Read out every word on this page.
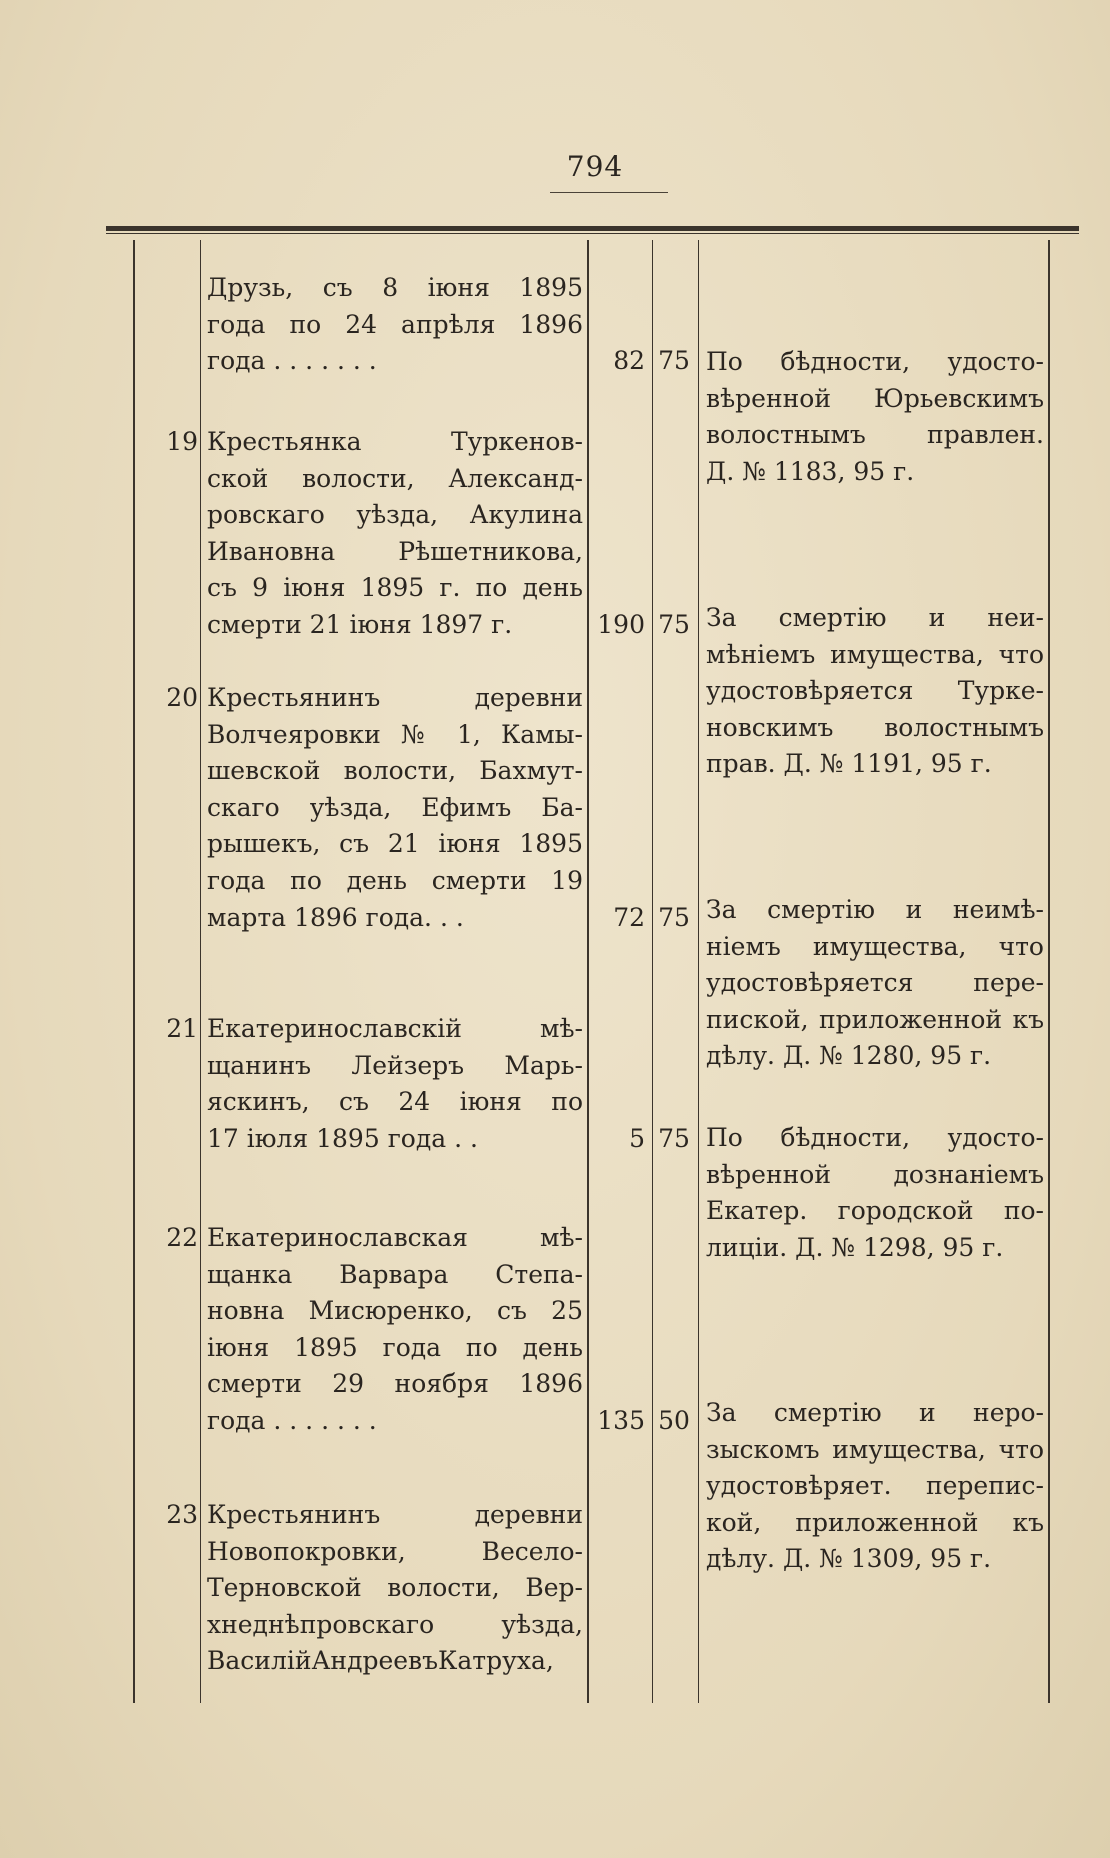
794
Друзь, съ 8 іюня 1895
года по 24 апрѣля 1896
года . . . . . . .	82 75 По бѣдности, удосто-
вѣренной Юрьевскимъ
волостнымъ правлен.
Д. № 1183, 95 г.
19 Крестьянка Туркенов-
ской волости, Александ-
ровскаго уѣзда, Акулина
Ивановна Рѣшетникова,
съ 9 іюня 1895 г. по день
смерти 21 іюня 1897 г.	190 75 За смертію и неи-
мѣніемъ имущества, что
удостовѣряется Турке-
новскимъ волостнымъ
прав. Д. № 1191, 95 г.
20 Крестьянинъ деревни
Волчеяровки № 1, Камы-
шевской волости, Бахмут-
скаго уѣзда, Ефимъ Ба-
рышекъ, съ 21 іюня 1895
года по день смерти 19
марта 1896 года. . .	72 75 За смертію и неимѣ-
ніемъ имущества, что
удостовѣряется пере-
пиской, приложенной къ
дѣлу. Д. № 1280, 95 г.
21 Екатеринославскій мѣ-
щанинъ Лейзеръ Марь-
яскинъ, съ 24 іюня по
17 іюля 1895 года . .	5 75 По бѣдности, удосто-
вѣренной дознаніемъ
Екатер. городской по-
лиціи. Д. № 1298, 95 г.
22 Екатеринославская мѣ-
щанка Варвара Степа-
новна Мисюренко, съ 25
іюня 1895 года по день
смерти 29 ноября 1896
года . . . . . . .	135 50 За смертію и неро-
зыскомъ имущества, что
удостовѣряет. перепис-
кой, приложенной къ
дѣлу. Д. № 1309, 95 г.
23 Крестьянинъ деревни
Новопокровки, Весело-
Терновской волости, Вер-
хнеднѣпровскаго уѣзда,
ВасилійАндреевъКатруха,
